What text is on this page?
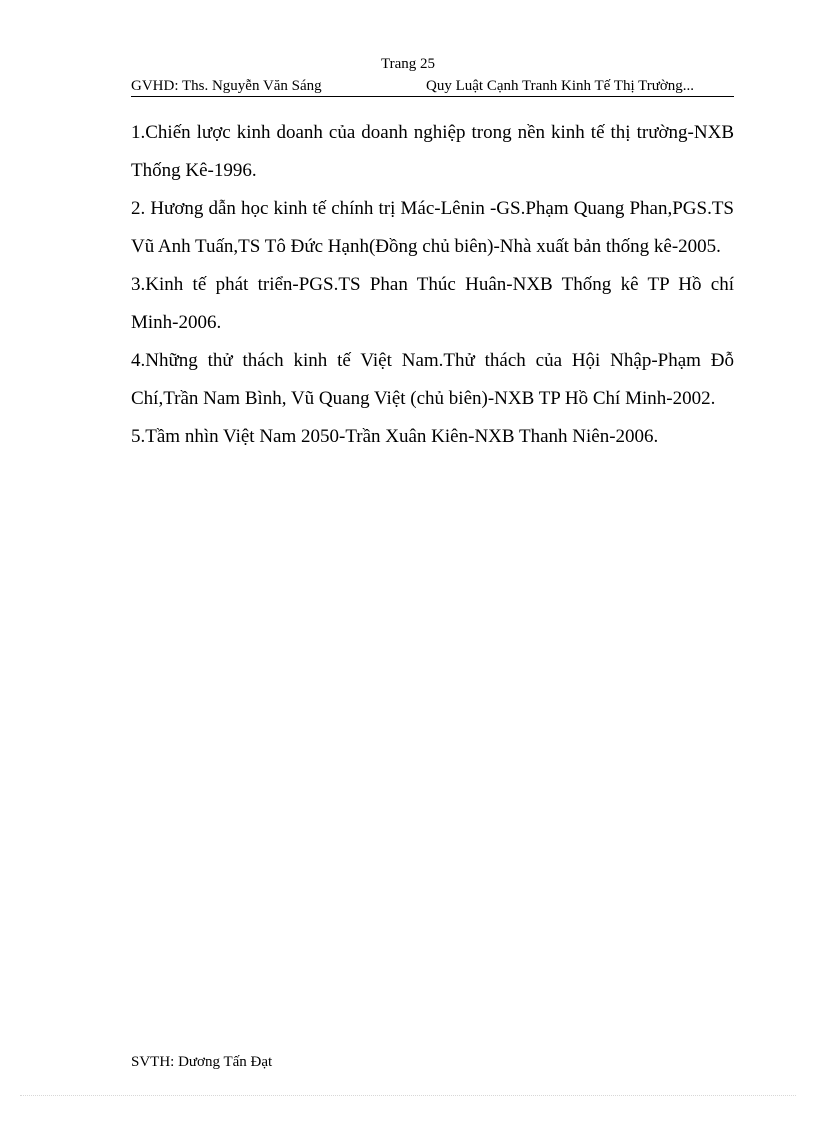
Trang 25
GVHD: Ths. Nguyễn Văn Sáng	Quy Luật Cạnh Tranh Kinh Tế Thị Trường...

1.Chiến lược kinh doanh của doanh nghiệp trong nền kinh tế thị trường-NXB Thống Kê-1996.

2. Hương dẫn học kinh tế chính trị Mác-Lênin -GS.Phạm Quang Phan,PGS.TS Vũ Anh Tuấn,TS Tô Đức Hạnh(Đồng chủ biên)-Nhà xuất bản thống kê-2005.

3.Kinh tế phát triển-PGS.TS Phan Thúc Huân-NXB Thống kê TP Hồ chí Minh-2006.

4.Những thử thách kinh tế Việt Nam.Thử thách của Hội Nhập-Phạm Đỗ Chí,Trần Nam Bình, Vũ Quang Việt (chủ biên)-NXB TP Hồ Chí Minh-2002.

5.Tầm nhìn Việt Nam 2050-Trần Xuân Kiên-NXB Thanh Niên-2006.

SVTH: Dương Tấn Đạt
